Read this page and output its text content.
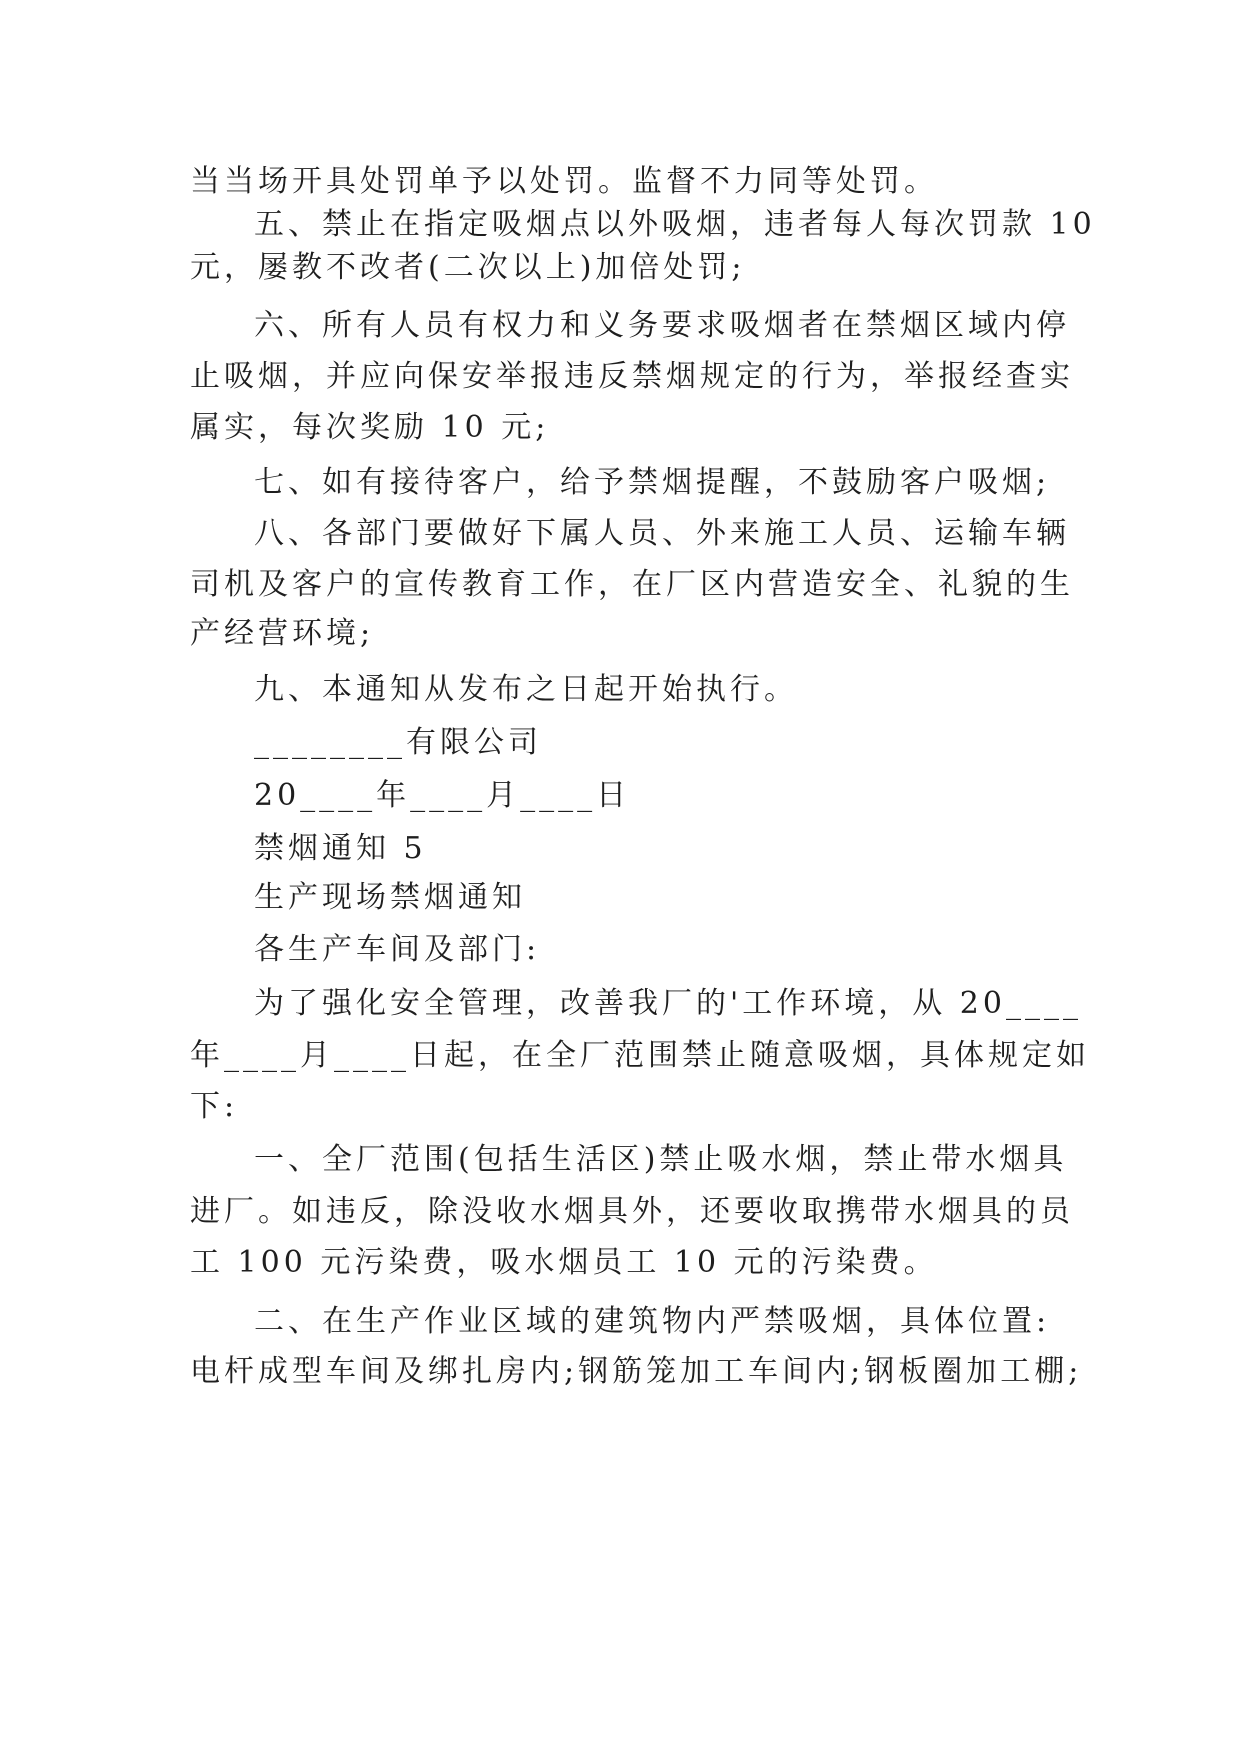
当当场开具处罚单予以处罚。监督不力同等处罚。
五、禁止在指定吸烟点以外吸烟，违者每人每次罚款 10
元，屡教不改者(二次以上)加倍处罚;
六、所有人员有权力和义务要求吸烟者在禁烟区域内停
止吸烟，并应向保安举报违反禁烟规定的行为，举报经查实
属实，每次奖励 10 元;
七、如有接待客户，给予禁烟提醒，不鼓励客户吸烟;
八、各部门要做好下属人员、外来施工人员、运输车辆
司机及客户的宣传教育工作，在厂区内营造安全、礼貌的生
产经营环境;
九、本通知从发布之日起开始执行。
________有限公司
20____年____月____日
禁烟通知 5
生产现场禁烟通知
各生产车间及部门:
为了强化安全管理，改善我厂的'工作环境，从 20____
年____月____日起，在全厂范围禁止随意吸烟，具体规定如
下:
一、全厂范围(包括生活区)禁止吸水烟，禁止带水烟具
进厂。如违反，除没收水烟具外，还要收取携带水烟具的员
工 100 元污染费，吸水烟员工 10 元的污染费。
二、在生产作业区域的建筑物内严禁吸烟，具体位置:
电杆成型车间及绑扎房内;钢筋笼加工车间内;钢板圈加工棚;
